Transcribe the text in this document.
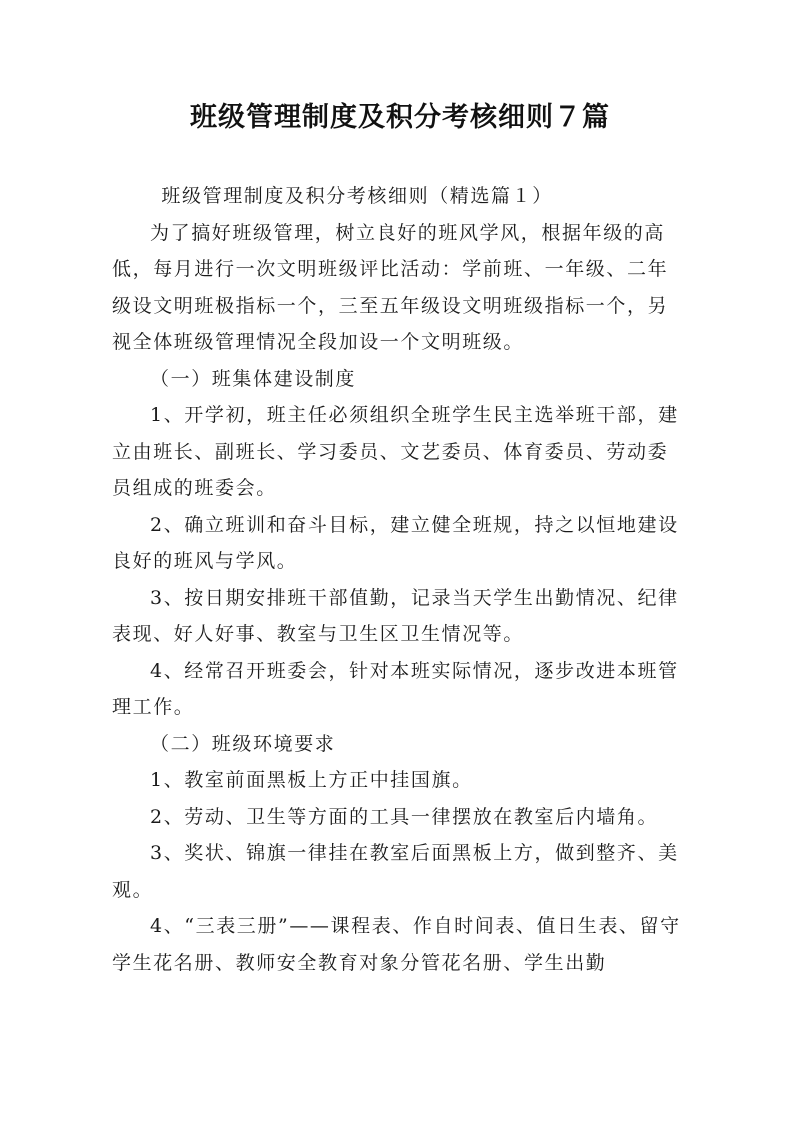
班级管理制度及积分考核细则７篇

班级管理制度及积分考核细则（精选篇１）

为了搞好班级管理，树立良好的班风学风，根据年级的高低，每月进行一次文明班级评比活动：学前班、一年级、二年级设文明班极指标一个，三至五年级设文明班级指标一个，另视全体班级管理情况全段加设一个文明班级。

（一）班集体建设制度

1、开学初，班主任必须组织全班学生民主选举班干部，建立由班长、副班长、学习委员、文艺委员、体育委员、劳动委员组成的班委会。

2、确立班训和奋斗目标，建立健全班规，持之以恒地建设良好的班风与学风。

3、按日期安排班干部值勤，记录当天学生出勤情况、纪律表现、好人好事、教室与卫生区卫生情况等。

4、经常召开班委会，针对本班实际情况，逐步改进本班管理工作。

（二）班级环境要求

1、教室前面黑板上方正中挂国旗。

2、劳动、卫生等方面的工具一律摆放在教室后内墙角。

3、奖状、锦旗一律挂在教室后面黑板上方，做到整齐、美观。

4、“三表三册”——课程表、作自时间表、值日生表、留守学生花名册、教师安全教育对象分管花名册、学生出勤
